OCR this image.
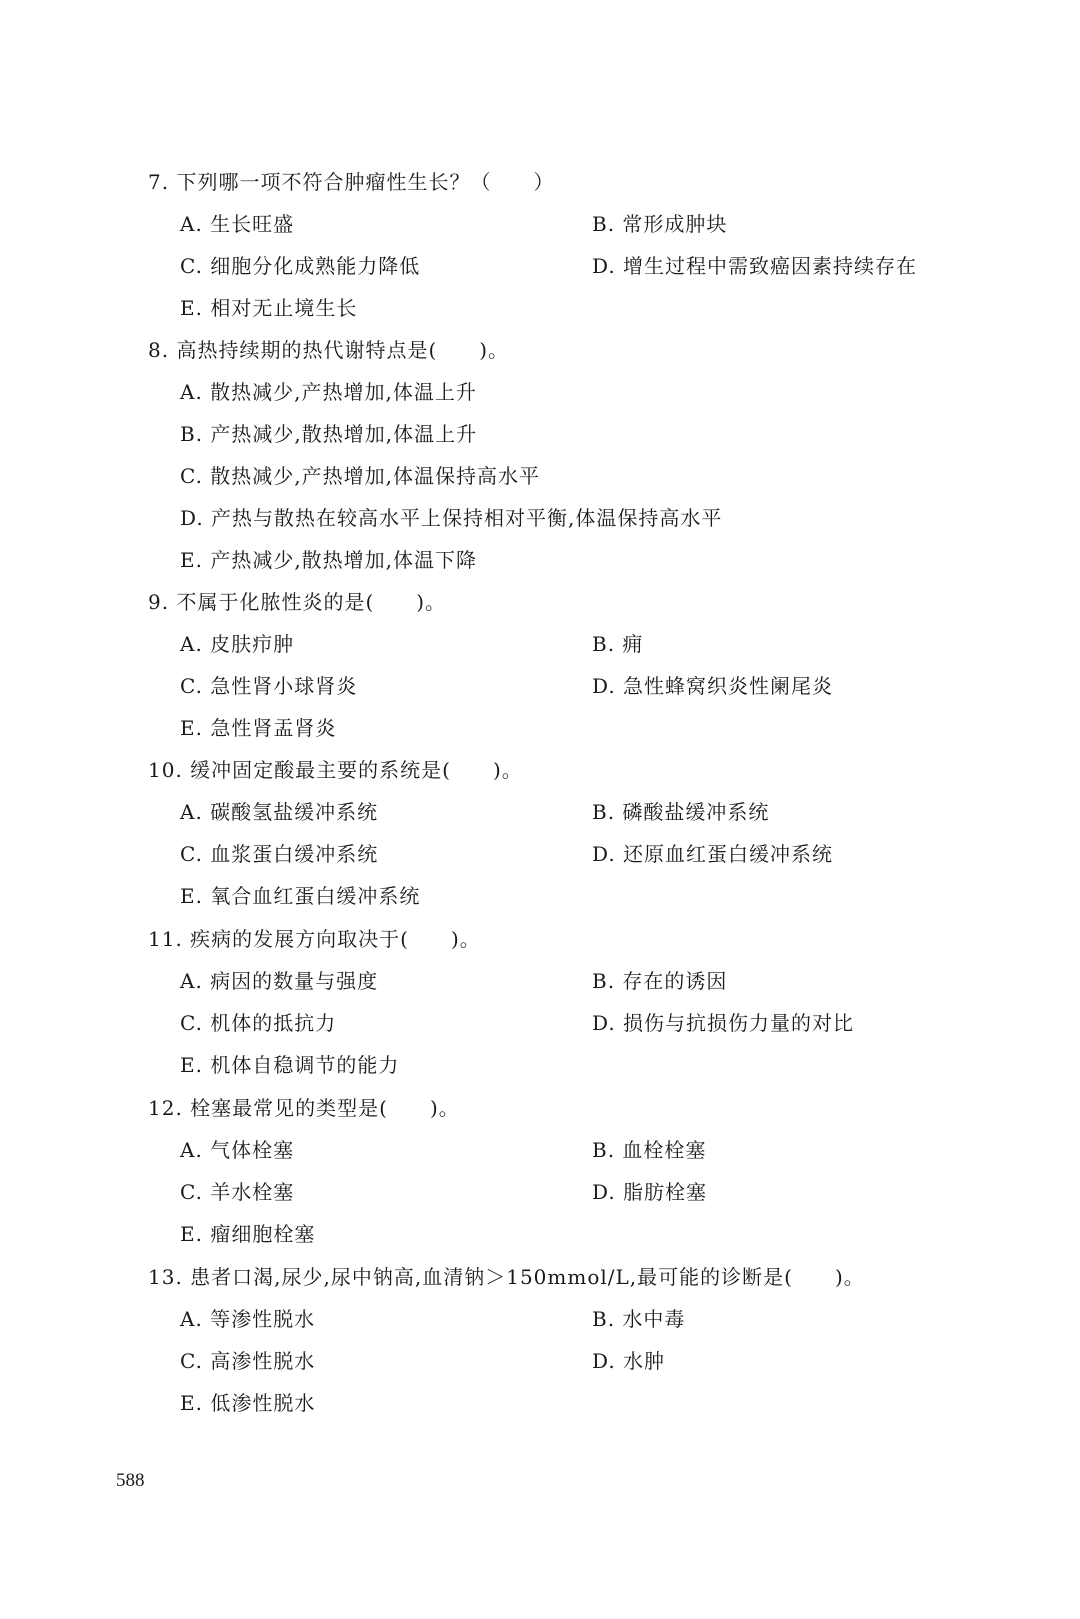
7. 下列哪一项不符合肿瘤性生长？（　　）
A. 生长旺盛	B. 常形成肿块
C. 细胞分化成熟能力降低	D. 增生过程中需致癌因素持续存在
E. 相对无止境生长
8. 高热持续期的热代谢特点是(　　)。
A. 散热减少,产热增加,体温上升
B. 产热减少,散热增加,体温上升
C. 散热减少,产热增加,体温保持高水平
D. 产热与散热在较高水平上保持相对平衡,体温保持高水平
E. 产热减少,散热增加,体温下降
9. 不属于化脓性炎的是(　　)。
A. 皮肤疖肿	B. 痈
C. 急性肾小球肾炎	D. 急性蜂窝织炎性阑尾炎
E. 急性肾盂肾炎
10. 缓冲固定酸最主要的系统是(　　)。
A. 碳酸氢盐缓冲系统	B. 磷酸盐缓冲系统
C. 血浆蛋白缓冲系统	D. 还原血红蛋白缓冲系统
E. 氧合血红蛋白缓冲系统
11. 疾病的发展方向取决于(　　)。
A. 病因的数量与强度	B. 存在的诱因
C. 机体的抵抗力	D. 损伤与抗损伤力量的对比
E. 机体自稳调节的能力
12. 栓塞最常见的类型是(　　)。
A. 气体栓塞	B. 血栓栓塞
C. 羊水栓塞	D. 脂肪栓塞
E. 瘤细胞栓塞
13. 患者口渴,尿少,尿中钠高,血清钠＞150mmol/L,最可能的诊断是(　　)。
A. 等渗性脱水	B. 水中毒
C. 高渗性脱水	D. 水肿
E. 低渗性脱水
588
